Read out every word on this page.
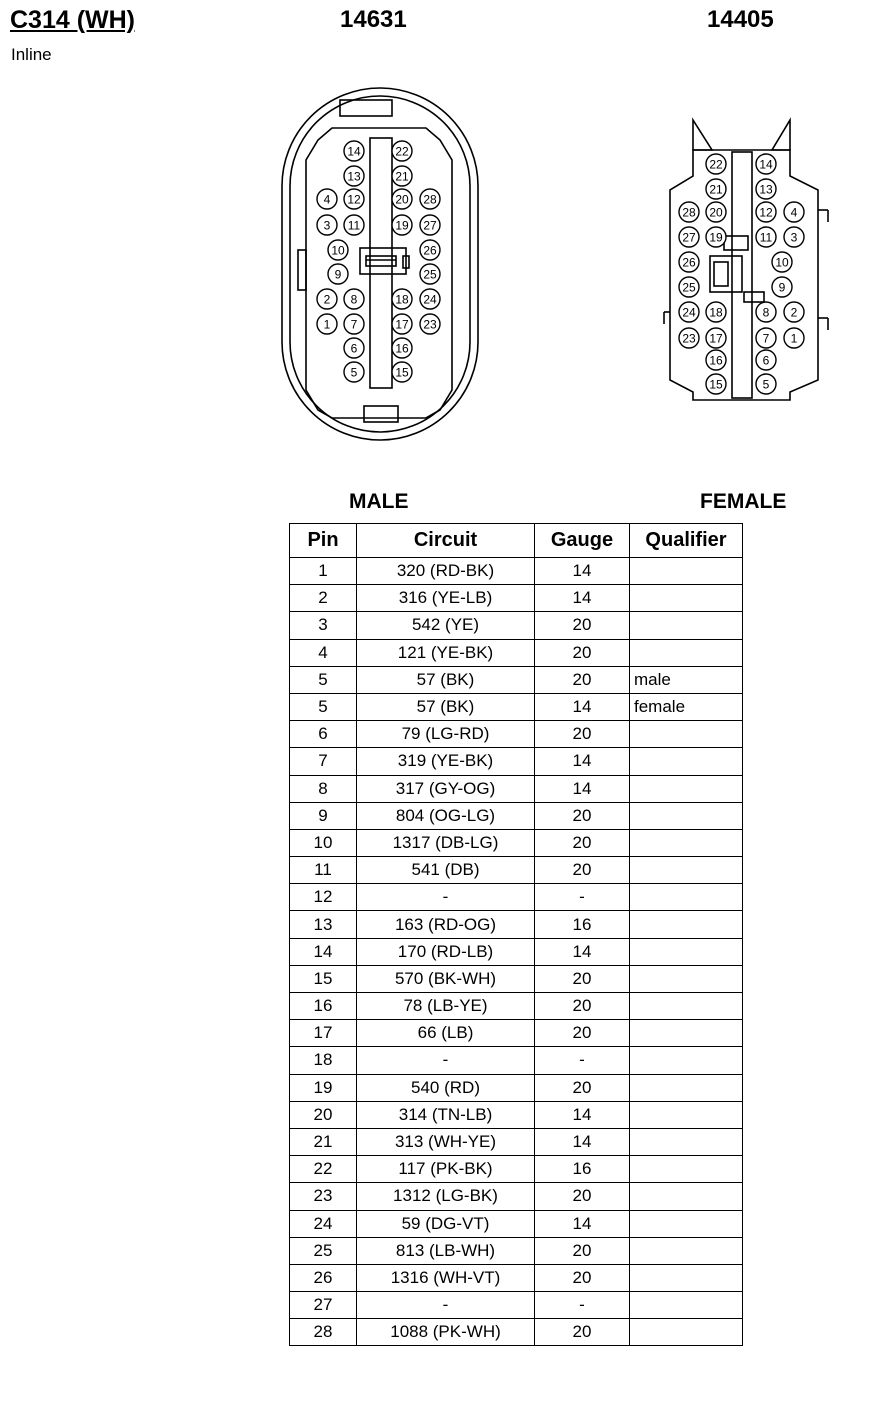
C314 (WH)
Inline
14631	14405
1
2
3
4
5
6
7
8
9
10
11
12
13
14
15
16
17
18
19
20
21
22
23
24
25
26
27
28
1
2
3
4
5
6
7
8
9
10
11
12
13
14
15
16
17
18
19
20
21
22
23
24
25
26
27
28
MALE	FEMALE
Pin	Circuit	Gauge	Qualifier
1	320 (RD-BK)	14	
2	316 (YE-LB)	14	
3	542 (YE)	20	
4	121 (YE-BK)	20	
5	57 (BK)	20	male
5	57 (BK)	14	female
6	79 (LG-RD)	20	
7	319 (YE-BK)	14	
8	317 (GY-OG)	14	
9	804 (OG-LG)	20	
10	1317 (DB-LG)	20	
11	541 (DB)	20	
12	-	-	
13	163 (RD-OG)	16	
14	170 (RD-LB)	14	
15	570 (BK-WH)	20	
16	78 (LB-YE)	20	
17	66 (LB)	20	
18	-	-	
19	540 (RD)	20	
20	314 (TN-LB)	14	
21	313 (WH-YE)	14	
22	117 (PK-BK)	16	
23	1312 (LG-BK)	20	
24	59 (DG-VT)	14	
25	813 (LB-WH)	20	
26	1316 (WH-VT)	20	
27	-	-	
28	1088 (PK-WH)	20	
